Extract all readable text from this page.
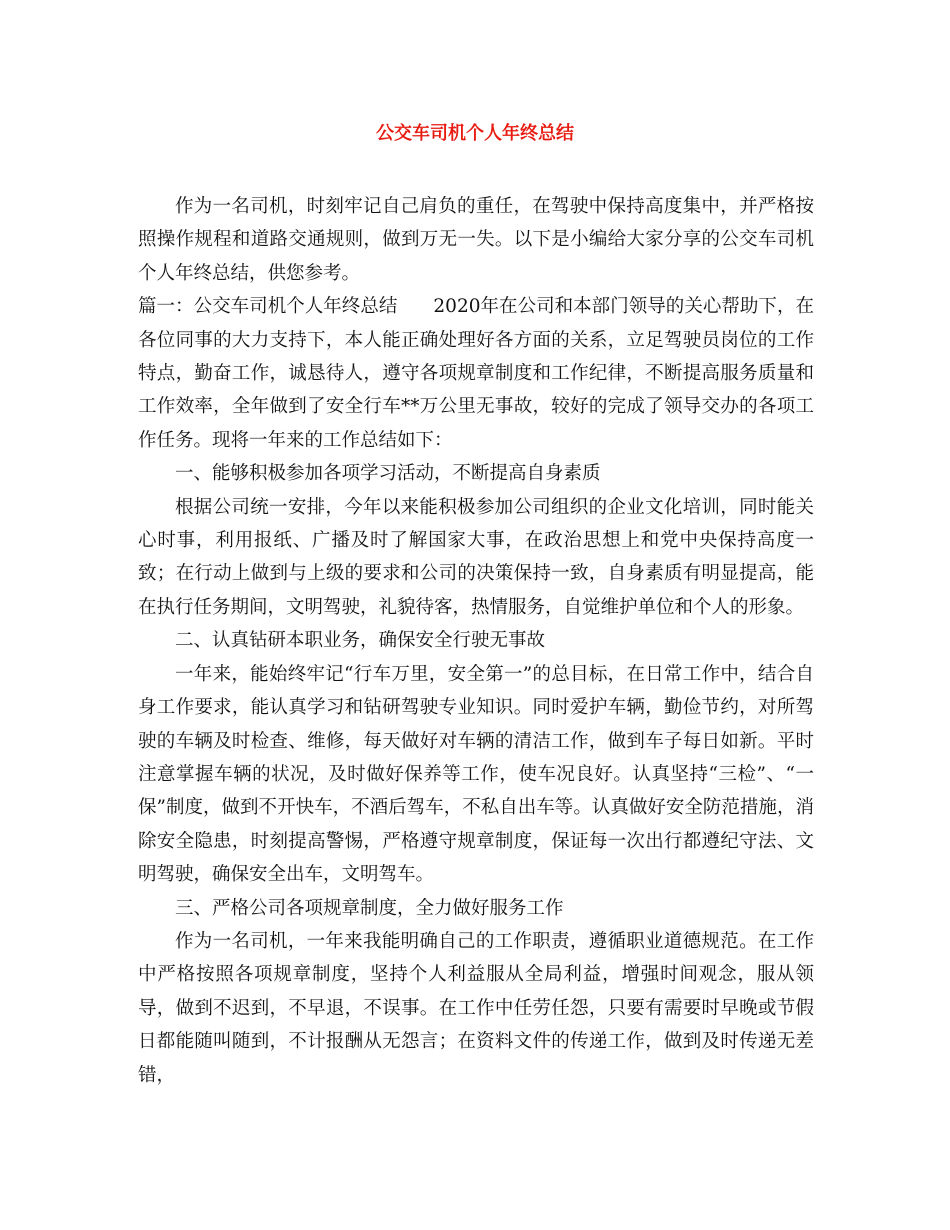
公交车司机个人年终总结

作为一名司机，时刻牢记自己肩负的重任，在驾驶中保持高度集中，并严格按照操作规程和道路交通规则，做到万无一失。以下是小编给大家分享的公交车司机个人年终总结，供您参考。

篇一：公交车司机个人年终总结 2020年在公司和本部门领导的关心帮助下，在各位同事的大力支持下，本人能正确处理好各方面的关系，立足驾驶员岗位的工作特点，勤奋工作，诚恳待人，遵守各项规章制度和工作纪律，不断提高服务质量和工作效率，全年做到了安全行车**万公里无事故，较好的完成了领导交办的各项工作任务。现将一年来的工作总结如下：

一、能够积极参加各项学习活动，不断提高自身素质

根据公司统一安排，今年以来能积极参加公司组织的企业文化培训，同时能关心时事，利用报纸、广播及时了解国家大事，在政治思想上和党中央保持高度一致；在行动上做到与上级的要求和公司的决策保持一致，自身素质有明显提高，能在执行任务期间，文明驾驶，礼貌待客，热情服务，自觉维护单位和个人的形象。

二、认真钻研本职业务，确保安全行驶无事故

一年来，能始终牢记“行车万里，安全第一”的总目标，在日常工作中，结合自身工作要求，能认真学习和钻研驾驶专业知识。同时爱护车辆，勤俭节约，对所驾驶的车辆及时检查、维修，每天做好对车辆的清洁工作，做到车子每日如新。平时注意掌握车辆的状况，及时做好保养等工作，使车况良好。认真坚持“三检”、“一保”制度，做到不开快车，不酒后驾车，不私自出车等。认真做好安全防范措施，消除安全隐患，时刻提高警惕，严格遵守规章制度，保证每一次出行都遵纪守法、文明驾驶，确保安全出车，文明驾车。

三、严格公司各项规章制度，全力做好服务工作

作为一名司机，一年来我能明确自己的工作职责，遵循职业道德规范。在工作中严格按照各项规章制度，坚持个人利益服从全局利益，增强时间观念，服从领导，做到不迟到，不早退，不误事。在工作中任劳任怨，只要有需要时早晚或节假日都能随叫随到，不计报酬从无怨言；在资料文件的传递工作，做到及时传递无差错，
